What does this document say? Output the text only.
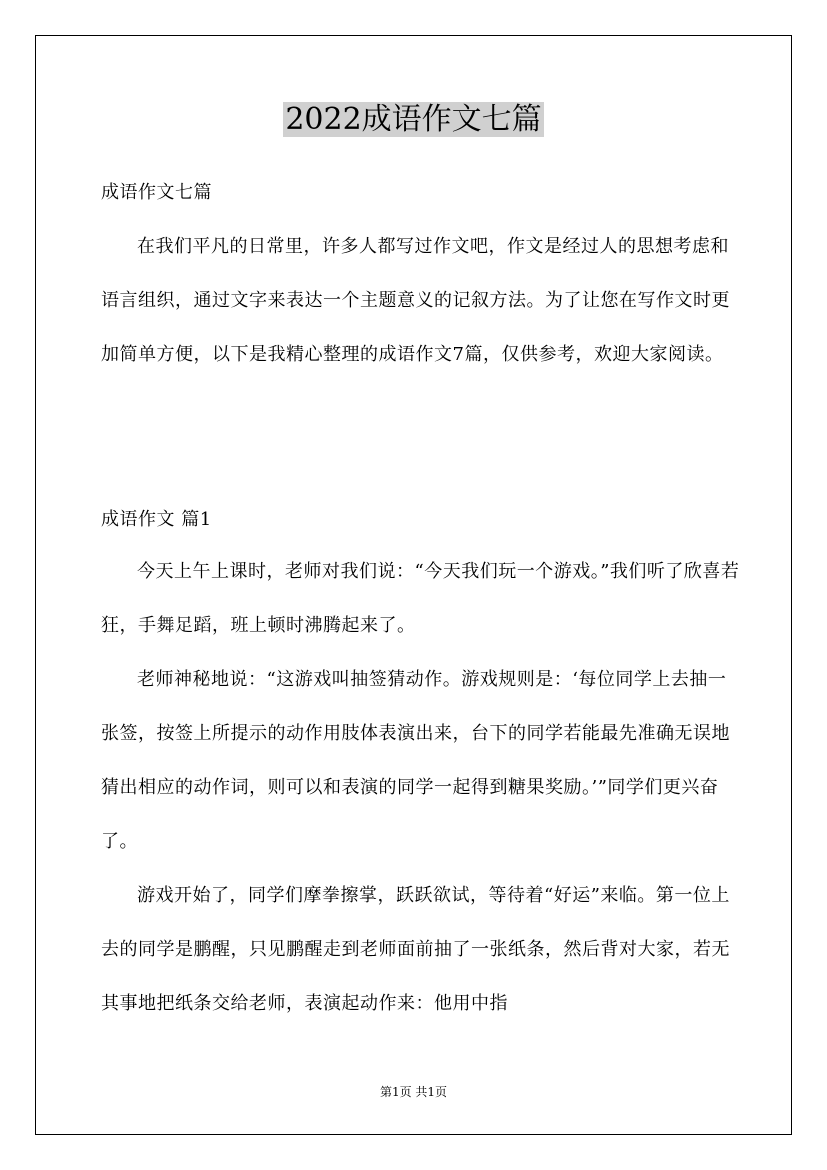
2022成语作文七篇

成语作文七篇

在我们平凡的日常里，许多人都写过作文吧，作文是经过人的思想考虑和语言组织，通过文字来表达一个主题意义的记叙方法。为了让您在写作文时更加简单方便，以下是我精心整理的成语作文7篇，仅供参考，欢迎大家阅读。

成语作文 篇1

今天上午上课时，老师对我们说：“今天我们玩一个游戏。”我们听了欣喜若狂，手舞足蹈，班上顿时沸腾起来了。

老师神秘地说：“这游戏叫抽签猜动作。游戏规则是：‘每位同学上去抽一张签，按签上所提示的动作用肢体表演出来，台下的同学若能最先准确无误地猜出相应的动作词，则可以和表演的同学一起得到糖果奖励。’”同学们更兴奋了。

游戏开始了，同学们摩拳擦掌，跃跃欲试，等待着“好运”来临。第一位上去的同学是鹏醒，只见鹏醒走到老师面前抽了一张纸条，然后背对大家，若无其事地把纸条交给老师，表演起动作来：他用中指

第1页 共1页
